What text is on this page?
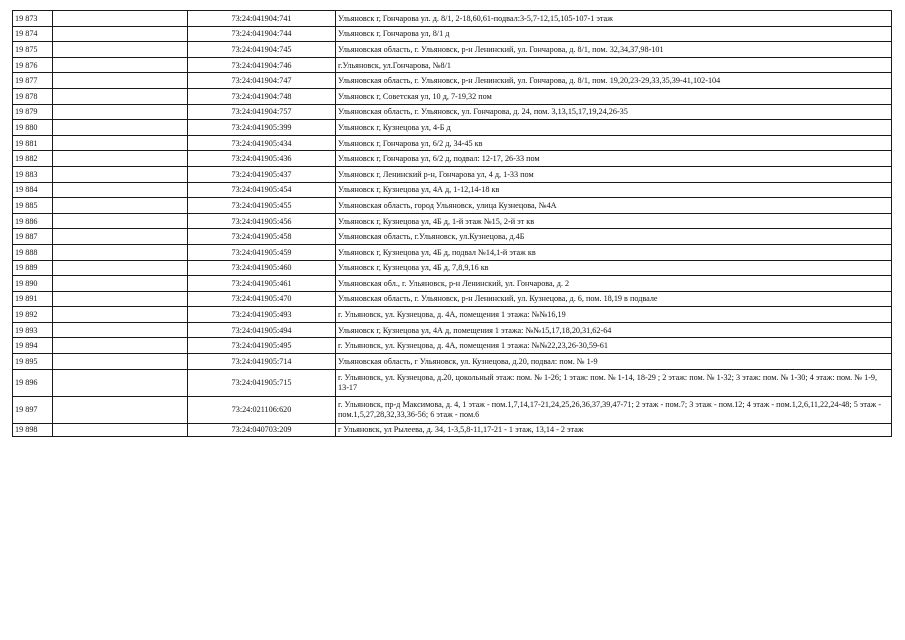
19 873		73:24:041904:741	Ульяновск г, Гончарова ул. д. 8/1, 2-18,60,61-подвал:3-5,7-12,15,105-107-1 этаж
19 874		73:24:041904:744	Ульяновск г, Гончарова ул, 8/1 д
19 875		73:24:041904:745	Ульяновская область, г. Ульяновск, р-н Ленинский, ул. Гончарова, д. 8/1, пом. 32,34,37,98-101
19 876		73:24:041904:746	г.Ульяновск, ул.Гончарова, №8/1
19 877		73:24:041904:747	Ульяновская область, г. Ульяновск, р-н Ленинский, ул. Гончарова, д. 8/1, пом. 19,20,23-29,33,35,39-41,102-104
19 878		73:24:041904:748	Ульяновск г, Советская ул, 10 д, 7-19,32 пом
19 879		73:24:041904:757	Ульяновская область, г. Ульяновск, ул. Гончарова, д. 24, пом. 3,13,15,17,19,24,26-35
19 880		73:24:041905:399	Ульяновск г, Кузнецова ул, 4-Б д
19 881		73:24:041905:434	Ульяновск г, Гончарова ул, 6/2 д, 34-45 кв
19 882		73:24:041905:436	Ульяновск г, Гончарова ул, 6/2 д, подвал: 12-17, 26-33 пом
19 883		73:24:041905:437	Ульяновск г, Ленинский р-н, Гончарова ул, 4 д, 1-33 пом
19 884		73:24:041905:454	Ульяновск г, Кузнецова ул, 4А д, 1-12,14-18 кв
19 885		73:24:041905:455	Ульяновская область, город Ульяновск, улица Кузнецова, №4А
19 886		73:24:041905:456	Ульяновск г, Кузнецова ул, 4Б д, 1-й этаж №15, 2-й эт кв
19 887		73:24:041905:458	Ульяновская область, г.Ульяновск, ул.Кузнецова, д.4Б
19 888		73:24:041905:459	Ульяновск г, Кузнецова ул, 4Б д, подвал №14,1-й этаж кв
19 889		73:24:041905:460	Ульяновск г, Кузнецова ул, 4Б д, 7,8,9,16 кв
19 890		73:24:041905:461	Ульяновская обл., г. Ульяновск, р-н Ленинский, ул. Гончарова, д. 2
19 891		73:24:041905:470	Ульяновская область, г. Ульяновск, р-н Ленинский, ул. Кузнецова, д. 6, пом. 18,19 в подвале
19 892		73:24:041905:493	г. Ульяновск, ул. Кузнецова, д. 4А, помещения 1 этажа: №№16,19
19 893		73:24:041905:494	Ульяновск г, Кузнецова ул, 4А д, помещения 1 этажа: №№15,17,18,20,31,62-64
19 894		73:24:041905:495	г. Ульяновск, ул. Кузнецова, д. 4А, помещения 1 этажа: №№22,23,26-30,59-61
19 895		73:24:041905:714	Ульяновская область, г Ульяновск, ул. Кузнецова, д.20, подвал: пом. № 1-9
19 896		73:24:041905:715	г. Ульяновск, ул. Кузнецова, д.20, цокольный этаж: пом. № 1-26; 1 этаж: пом. № 1-14, 18-29 ; 2 этаж: пом. № 1-32; 3 этаж: пом. № 1-30; 4 этаж: пом. № 1-9, 13-17
19 897		73:24:021106:620	г. Ульяновск, пр-д Максимова, д. 4, 1 этаж - пом.1,7,14,17-21,24,25,26,36,37,39,47-71; 2 этаж - пом.7; 3 этаж - пом.12; 4 этаж - пом.1,2,6,11,22,24-48; 5 этаж - пом.1,5,27,28,32,33,36-56; 6 этаж - пом.6
19 898		73:24:040703:209	г Ульяновск, ул Рылеева, д. 34, 1-3,5,8-11,17-21 - 1 этаж, 13,14 - 2 этаж
